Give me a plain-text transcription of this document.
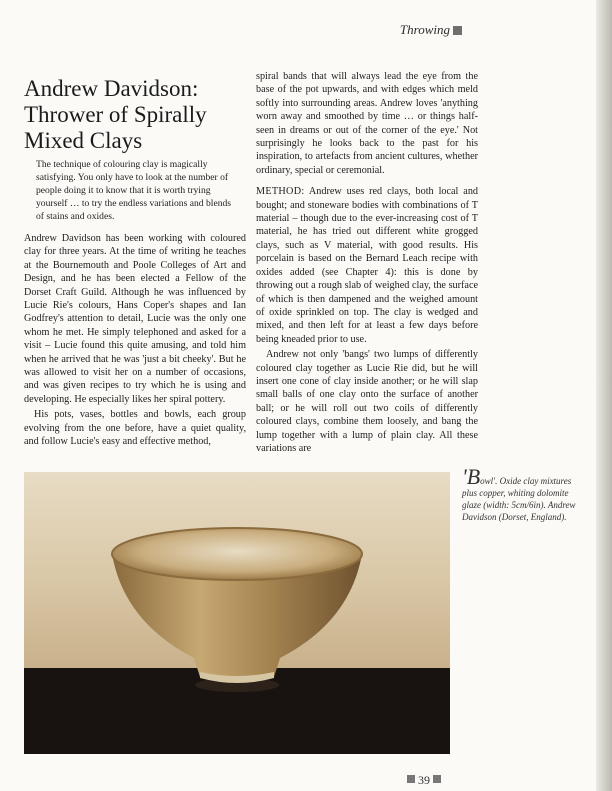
Throwing
Andrew Davidson: Thrower of Spirally Mixed Clays
The technique of colouring clay is magically satisfying. You only have to look at the number of people doing it to know that it is worth trying yourself … to try the endless variations and blends of stains and oxides.

Andrew Davidson has been working with coloured clay for three years. At the time of writing he teaches at the Bournemouth and Poole Colleges of Art and Design, and he has been elected a Fellow of the Dorset Craft Guild. Although he was influenced by Lucie Rie's colours, Hans Coper's shapes and Ian Godfrey's attention to detail, Lucie was the only one whom he met. He simply telephoned and asked for a visit – Lucie found this quite amusing, and told him when he arrived that he was 'just a bit cheeky'. But he was allowed to visit her on a number of occasions, and was given recipes to try which he is using and developing. He especially likes her spiral pottery.

His pots, vases, bottles and bowls, each group evolving from the one before, have a quiet quality, and follow Lucie's easy and effective method,

spiral bands that will always lead the eye from the base of the pot upwards, and with edges which meld softly into surrounding areas. Andrew loves 'anything worn away and smoothed by time … or things half-seen in dreams or out of the corner of the eye.' Not surprisingly he looks back to the past for his inspiration, to artefacts from ancient cultures, whether ordinary, special or ceremonial.

METHOD: Andrew uses red clays, both local and bought; and stoneware bodies with combinations of T material – though due to the ever-increasing cost of T material, he has tried out different white grogged clays, such as V material, with good results. His porcelain is based on the Bernard Leach recipe with oxides added (see Chapter 4): this is done by throwing out a rough slab of weighed clay, the surface of which is then dampened and the weighed amount of oxide sprinkled on top. The clay is wedged and mixed, and then left for at least a few days before being kneaded prior to use.

Andrew not only 'bangs' two lumps of differently coloured clay together as Lucie Rie did, but he will insert one cone of clay inside another; or he will slap small balls of one clay onto the surface of another ball; or he will roll out two coils of differently coloured clays, combine them loosely, and bang the lump together with a lump of plain clay. All these variations are

'Bowl'. Oxide clay mixtures plus copper, whiting dolomite glaze (width: 5cm/6in). Andrew Davidson (Dorset, England).
39
